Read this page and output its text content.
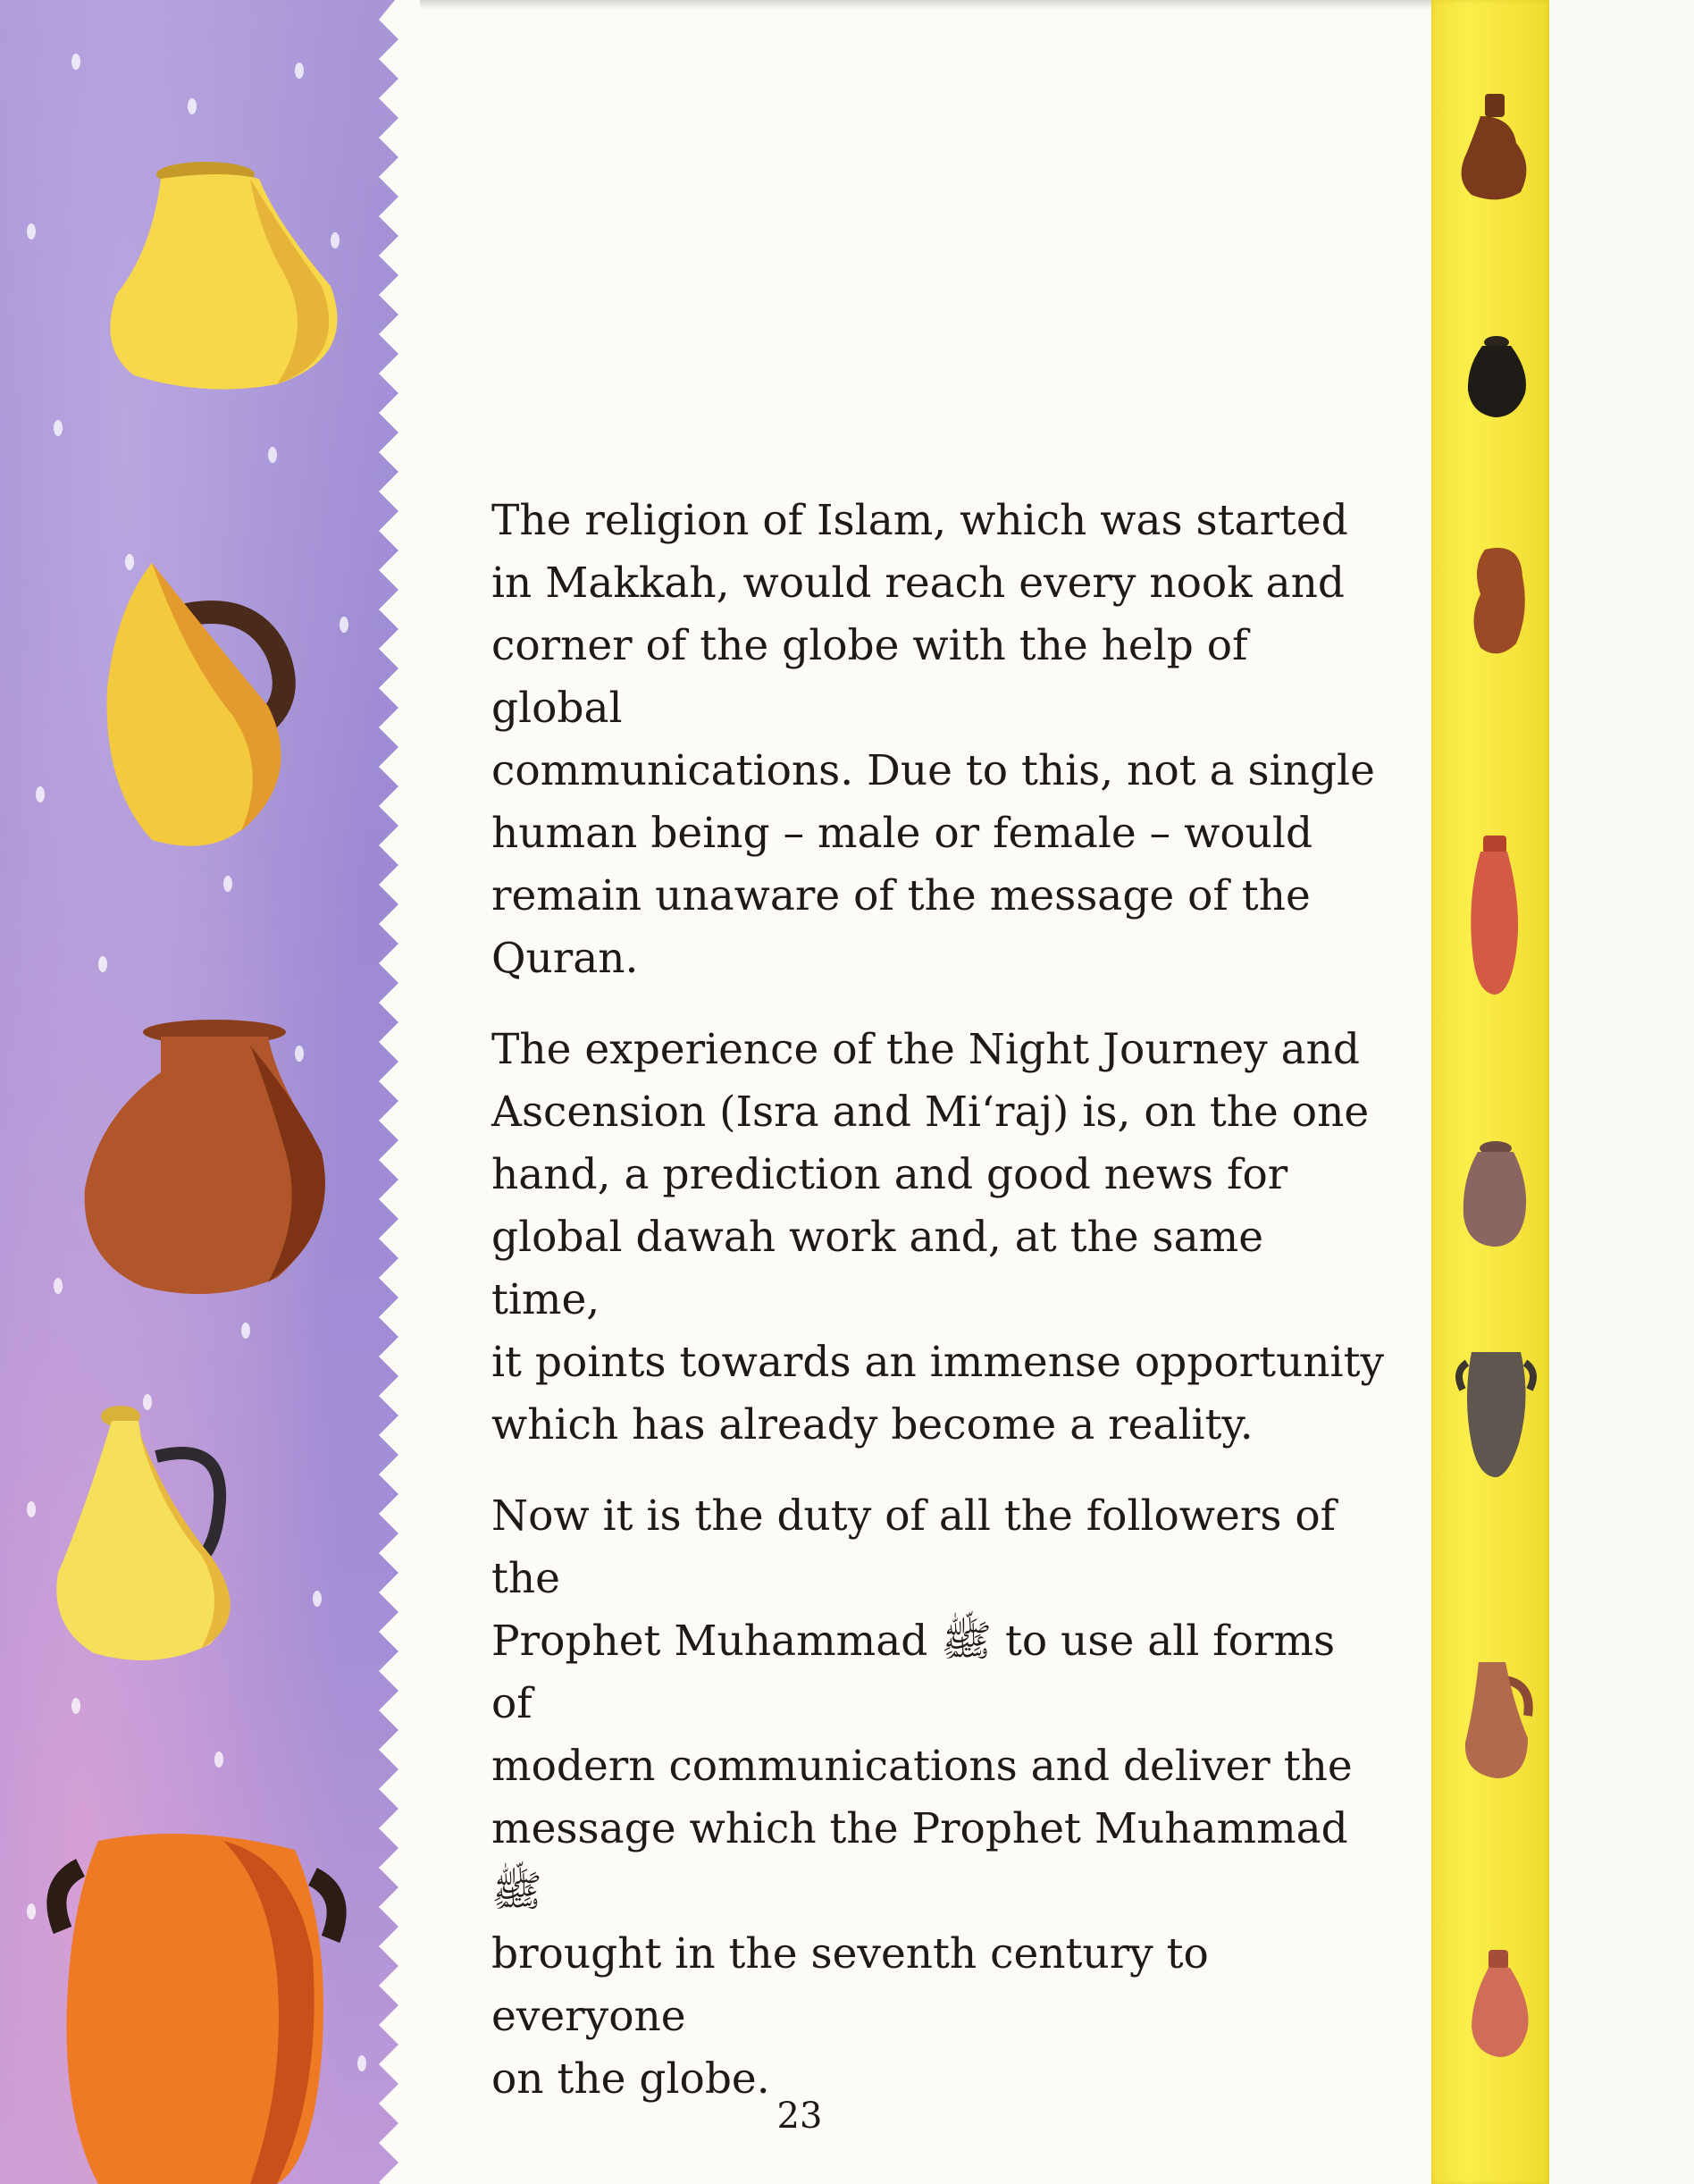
The religion of Islam, which was started
in Makkah, would reach every nook and
corner of the globe with the help of global
communications. Due to this, not a single
human being – male or female – would
remain unaware of the message of the
Quran.

The experience of the Night Journey and
Ascension (Isra and Mi‘raj) is, on the one
hand, a prediction and good news for
global dawah work and, at the same time,
it points towards an immense opportunity
which has already become a reality.

Now it is the duty of all the followers of the
Prophet Muhammad ﷺ to use all forms of
modern communications and deliver the
message which the Prophet Muhammad ﷺ
brought in the seventh century to everyone
on the globe.

23
